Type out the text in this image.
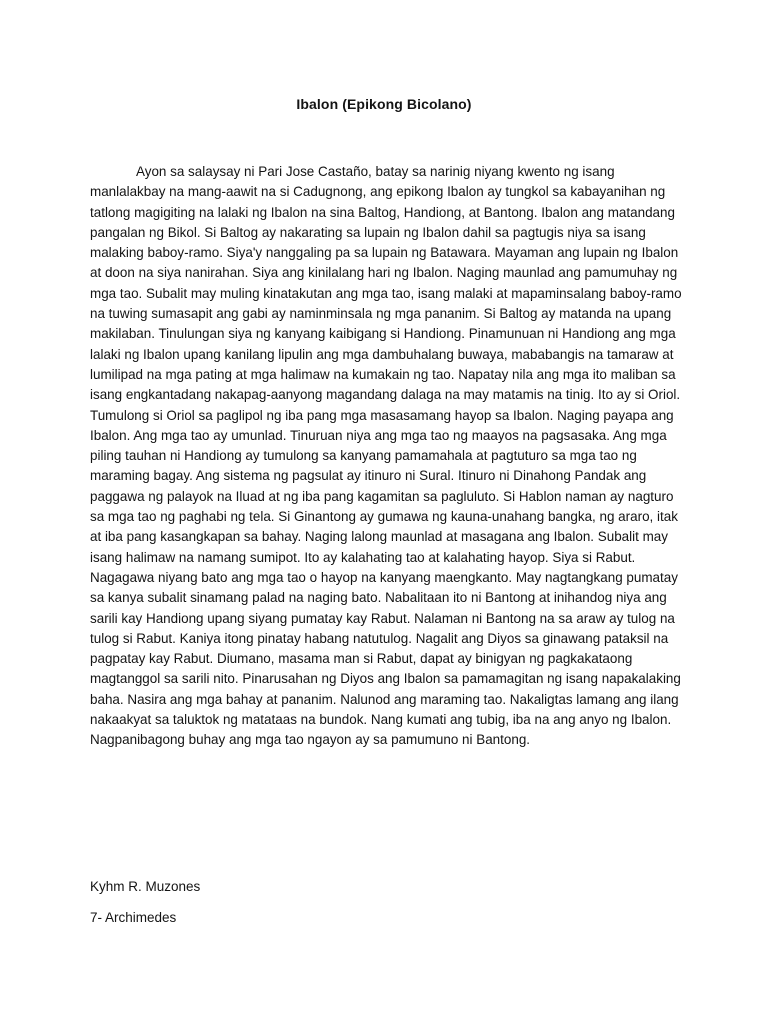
Ibalon (Epikong Bicolano)

Ayon sa salaysay ni Pari Jose Castaño, batay sa narinig niyang kwento ng isang manlalakbay na mang-aawit na si Cadugnong, ang epikong Ibalon ay tungkol sa kabayanihan ng tatlong magigiting na lalaki ng Ibalon na sina Baltog, Handiong, at Bantong. Ibalon ang matandang pangalan ng Bikol. Si Baltog ay nakarating sa lupain ng Ibalon dahil sa pagtugis niya sa isang malaking baboy-ramo. Siya'y nanggaling pa sa lupain ng Batawara. Mayaman ang lupain ng Ibalon at doon na siya nanirahan. Siya ang kinilalang hari ng Ibalon. Naging maunlad ang pamumuhay ng mga tao. Subalit may muling kinatakutan ang mga tao, isang malaki at mapaminsalang baboy-ramo na tuwing sumasapit ang gabi ay naminminsala ng mga pananim. Si Baltog ay matanda na upang makilaban. Tinulungan siya ng kanyang kaibigang si Handiong. Pinamunuan ni Handiong ang mga lalaki ng Ibalon upang kanilang lipulin ang mga dambuhalang buwaya, mababangis na tamaraw at lumilipad na mga pating at mga halimaw na kumakain ng tao. Napatay nila ang mga ito maliban sa isang engkantadang nakapag-aanyong magandang dalaga na may matamis na tinig. Ito ay si Oriol. Tumulong si Oriol sa paglipol ng iba pang mga masasamang hayop sa Ibalon. Naging payapa ang Ibalon. Ang mga tao ay umunlad. Tinuruan niya ang mga tao ng maayos na pagsasaka. Ang mga piling tauhan ni Handiong ay tumulong sa kanyang pamamahala at pagtuturo sa mga tao ng maraming bagay. Ang sistema ng pagsulat ay itinuro ni Sural. Itinuro ni Dinahong Pandak ang paggawa ng palayok na Iluad at ng iba pang kagamitan sa pagluluto. Si Hablon naman ay nagturo sa mga tao ng paghabi ng tela. Si Ginantong ay gumawa ng kauna-unahang bangka, ng araro, itak at iba pang kasangkapan sa bahay. Naging lalong maunlad at masagana ang Ibalon. Subalit may isang halimaw na namang sumipot. Ito ay kalahating tao at kalahating hayop. Siya si Rabut. Nagagawa niyang bato ang mga tao o hayop na kanyang maengkanto. May nagtangkang pumatay sa kanya subalit sinamang palad na naging bato. Nabalitaan ito ni Bantong at inihandog niya ang sarili kay Handiong upang siyang pumatay kay Rabut. Nalaman ni Bantong na sa araw ay tulog na tulog si Rabut. Kaniya itong pinatay habang natutulog. Nagalit ang Diyos sa ginawang pataksil na pagpatay kay Rabut. Diumano, masama man si Rabut, dapat ay binigyan ng pagkakataong magtanggol sa sarili nito. Pinarusahan ng Diyos ang Ibalon sa pamamagitan ng isang napakalaking baha. Nasira ang mga bahay at pananim. Nalunod ang maraming tao. Nakaligtas lamang ang ilang nakaakyat sa taluktok ng matataas na bundok. Nang kumati ang tubig, iba na ang anyo ng Ibalon. Nagpanibagong buhay ang mga tao ngayon ay sa pamumuno ni Bantong.

Kyhm R. Muzones
7- Archimedes
